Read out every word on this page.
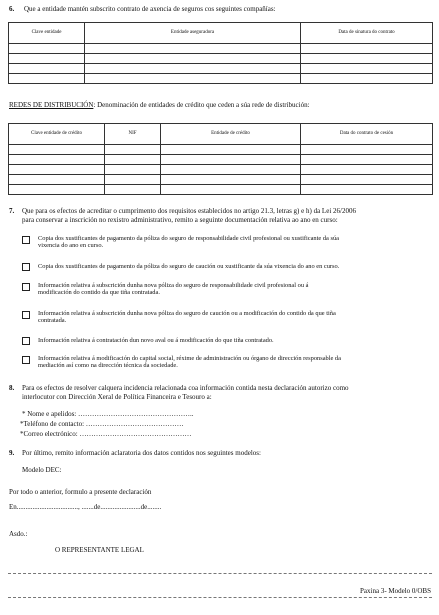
6. Que a entidade mantén subscrito contrato de axencia de seguros cos seguintes compañías:
Clave entidade	Entidade aseguradora	Data de sinatura do contrato

REDES DE DISTRIBUCIÓN: Denominación de entidades de crédito que ceden a súa rede de distribución:
Clave entidade de crédito	NIF	Entidade de crédito	Data do contrato de cesión

7. Que para os efectos de acreditar o cumprimento dos requisitos establecidos no artigo 21.3, letras g) e h) da Lei 26/2006
para conservar a inscrición no rexistro administrativo, remito a seguinte documentación relativa ao ano en curso:
Copia dos xustificantes de pagamento da póliza do seguro de responsabilidade civil profesional ou xustificante da súa
vixencia do ano en curso.
Copia dos xustificantes de pagamento da póliza do seguro de caución ou xustificante da súa vixencia do ano en curso.
Información relativa á subscrición dunha nova póliza do seguro de responsabilidade civil profesional ou á
modificación do contido da que tiña contratada.
Información relativa á subscrición dunha nova póliza do seguro de caución ou a modificación do contido da que tiña
contratada.
Información relativa á contratación dun novo aval ou á modificación do que tiña contratado.
Información relativa á modificación do capital social, réxime de administración ou órgano de dirección responsable da
mediación así como na dirección técnica da sociedade.
8. Para os efectos de resolver calquera incidencia relacionada coa información contida nesta declaración autorizo como
interlocutor con Dirección Xeral de Política Financeira e Tesouro a:
* Nome e apelidos: …………………………………………..
*Teléfono de contacto: ……………………………………
*Correo electrónico: …………………………………………
9. Por último, remito información aclaratoria dos datos contidos nos seguintes modelos:
Modelo DEC:
Por todo o anterior, formulo a presente declaración
En..................................., .......de.......................de........
Asdo.:
O REPRESENTANTE LEGAL
Paxina 3- Modelo 0/OBS
